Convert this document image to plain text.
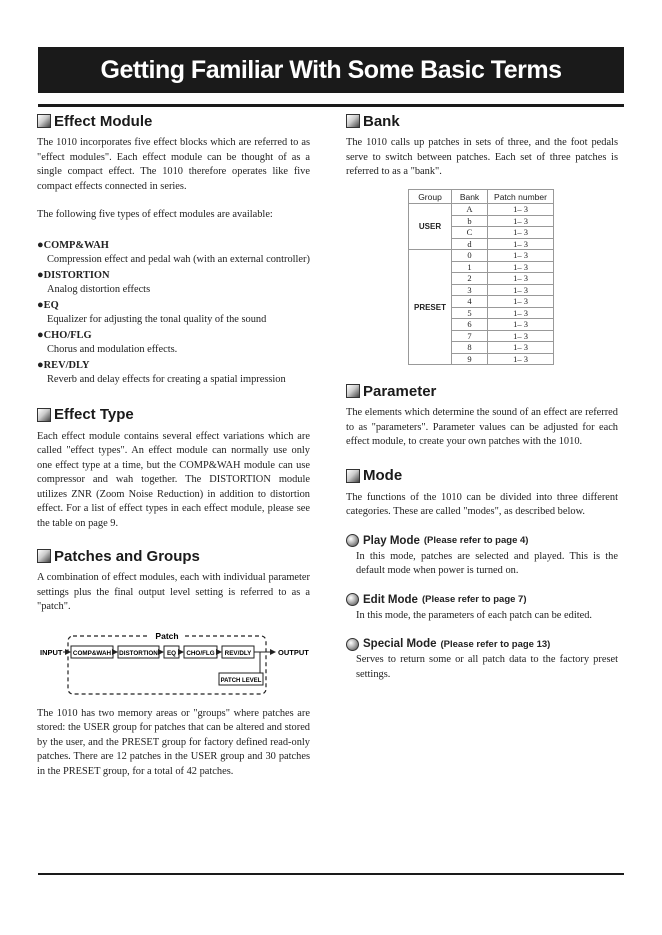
Getting Familiar With Some Basic Terms
Effect Module

The 1010 incorporates five effect blocks which are referred to as "effect modules". Each effect module can be thought of as a single compact effect. The 1010 therefore operates like five compact effects connected in series.

The following five types of effect modules are available:

●COMP&WAH
Compression effect and pedal wah (with an external controller)
●DISTORTION
Analog distortion effects
●EQ
Equalizer for adjusting the tonal quality of the sound
●CHO/FLG
Chorus and modulation effects.
●REV/DLY
Reverb and delay effects for creating a spatial impression
Effect Type

Each effect module contains several effect variations which are called "effect types". An effect module can normally use only one effect type at a time, but the COMP&WAH module can use compressor and wah together. The DISTORTION module utilizes ZNR (Zoom Noise Reduction) in addition to distortion effect. For a list of effect types in each effect module, please see the table on page 9.

Patches and Groups

A combination of effect modules, each with individual parameter settings plus the final output level setting is referred to as a "patch".

Patch
INPUT	OUTPUT
COMP&WAH DISTORTION EQ CHO/FLG REV/DLY
PATCH LEVEL

The 1010 has two memory areas or "groups" where patches are stored: the USER group for patches that can be altered and stored by the user, and the PRESET group for factory defined read-only patches. There are 12 patches in the USER group and 30 patches in the PRESET group, for a total of 42 patches.

Bank

The 1010 calls up patches in sets of three, and the foot pedals serve to switch between patches. Each set of three patches is referred to as a "bank".

Group	Bank	Patch number
USER	A	1– 3
	b	1– 3
	C	1– 3
	d	1– 3
PRESET	0	1– 3
	1	1– 3
	2	1– 3
	3	1– 3
	4	1– 3
	5	1– 3
	6	1– 3
	7	1– 3
	8	1– 3
	9	1– 3
Parameter

The elements which determine the sound of an effect are referred to as "parameters". Parameter values can be adjusted for each effect module, to create your own patches with the 1010.

Mode

The functions of the 1010 can be divided into three different categories. These are called "modes", as described below.

Play Mode (Please refer to page 4)
In this mode, patches are selected and played. This is the default mode when power is turned on.
Edit Mode (Please refer to page 7)
In this mode, the parameters of each patch can be edited.
Special Mode (Please refer to page 13)
Serves to return some or all patch data to the factory preset settings.
